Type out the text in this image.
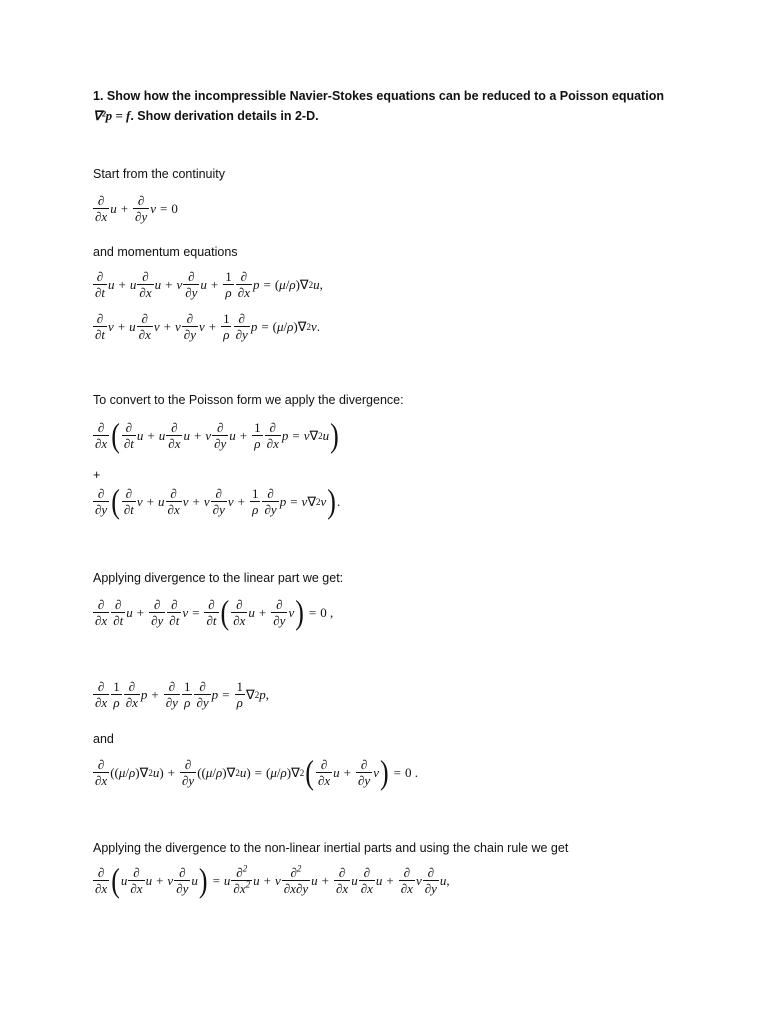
1. Show how the incompressible Navier-Stokes equations can be reduced to a Poisson equation
∇²p = f. Show derivation details in 2-D.
Start from the continuity
$\frac{\partial}{\partial x}$ $u + \frac{\partial}{\partial y}$ v = 0
and momentum equations
$\frac{\partial}{\partial t}$ u + u $\frac{\partial}{\partial x}$ u + v $\frac{\partial}{\partial y}$ $u + \frac{1}{\rho} \frac{\partial}{\partial x}$ p = ( μ / ρ )∇ 2 u ,
$\frac{\partial}{\partial t}$ v + u $\frac{\partial}{\partial x}$ v + v $\frac{\partial}{\partial y}$ $v + \frac{1}{\rho} \frac{\partial}{\partial y}$ p = ( μ / ρ )∇ 2 v .
To convert to the Poisson form we apply the divergence:
$\frac{\partial}{\partial x}$ ( $\frac{\partial}{\partial t}$ u + u $\frac{\partial}{\partial x}$ u + v $\frac{\partial}{\partial y}$ $u + \frac{1}{\rho} \frac{\partial}{\partial x}$ p = ν ∇ 2 u )
+
$\frac{\partial}{\partial y}$ ( $\frac{\partial}{\partial t}$ v + u $\frac{\partial}{\partial x}$ v + v $\frac{\partial}{\partial y}$ $v + \frac{1}{\rho} \frac{\partial}{\partial y}$ p = ν ∇ 2 v ) .
Applying divergence to the linear part we get:
$\frac{\partial}{\partial x} \frac{\partial}{\partial t}$ $u + \frac{\partial}{\partial y} \frac{\partial}{\partial t}$ $v = \frac{\partial}{\partial t}$ ( $\frac{\partial}{\partial x}$ $u + \frac{\partial}{\partial y}$ v ) = 0 ,
$\frac{\partial}{\partial x} \frac{1}{\rho} \frac{\partial}{\partial x}$ $p + \frac{\partial}{\partial y} \frac{1}{\rho} \frac{\partial}{\partial y}$ $p = \frac{1}{\rho}$ ∇ 2 p ,
and
$\frac{\partial}{\partial x}$ (( μ / ρ )∇ 2 u ) + $\frac{\partial}{\partial y}$ (( μ / ρ )∇ 2 u ) = ( μ / ρ )∇ 2 ( $\frac{\partial}{\partial x}$ $u + \frac{\partial}{\partial y}$ v ) = 0 .
Applying the divergence to the non-linear inertial parts and using the chain rule we get
$\frac{\partial}{\partial x}$ ( u $\frac{\partial}{\partial x}$ u + v $\frac{\partial}{\partial y}$ u ) = u $\frac{\partial^2}{\partial x^2}$ u + v $\frac{\partial^2}{\partial x\partial y}$ $u + \frac{\partial}{\partial x}$ u $\frac{\partial}{\partial x}$ $u + \frac{\partial}{\partial x}$ v $\frac{\partial}{\partial y}$ u ,
